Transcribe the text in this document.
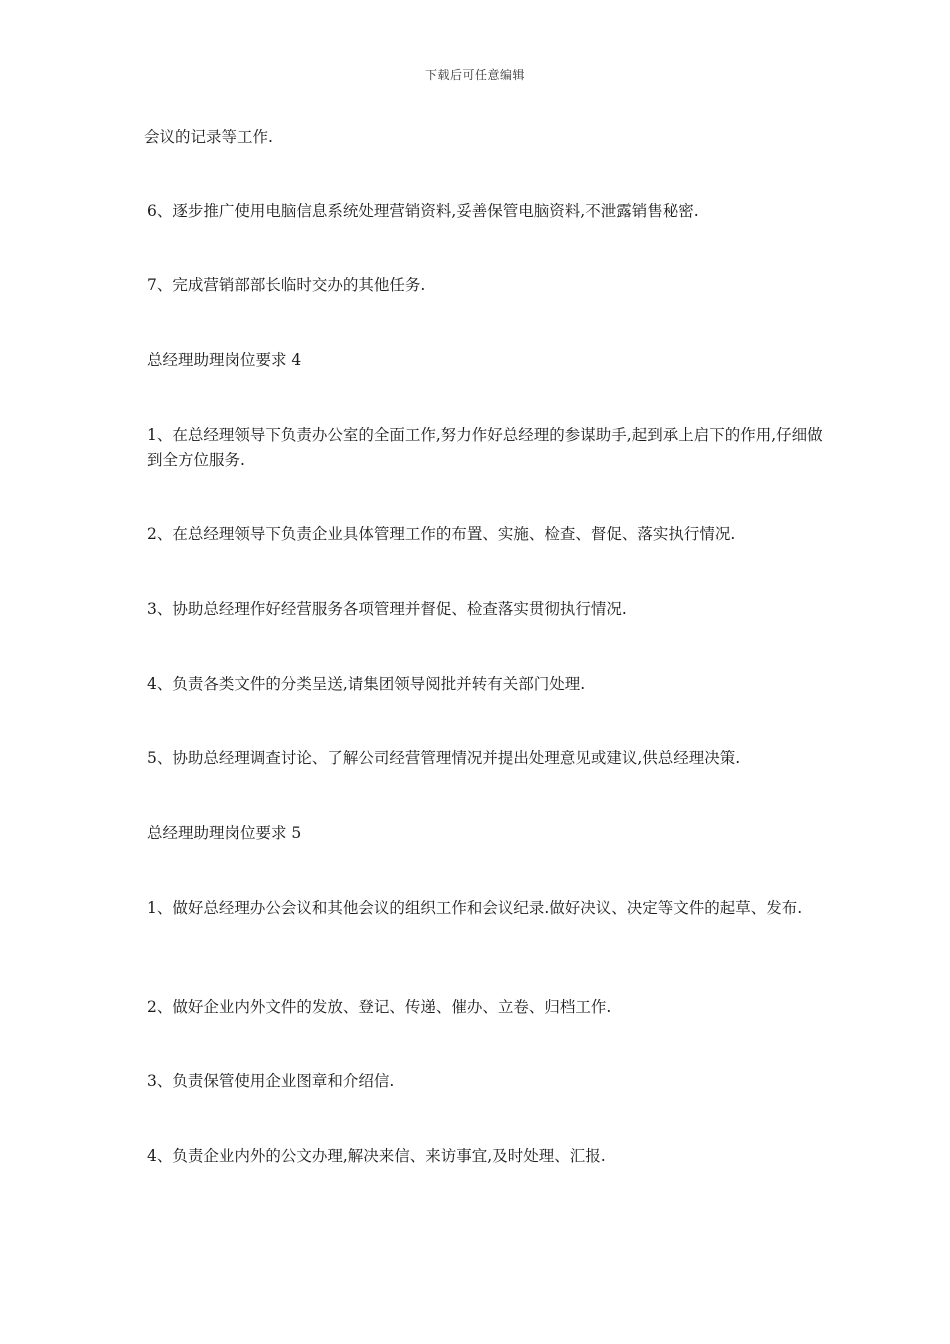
下载后可任意编辑
会议的记录等工作.
6、逐步推广使用电脑信息系统处理营销资料,妥善保管电脑资料,不泄露销售秘密.
7、完成营销部部长临时交办的其他任务.
总经理助理岗位要求 4
1、在总经理领导下负责办公室的全面工作,努力作好总经理的参谋助手,起到承上启下的作用,仔细做到全方位服务.
2、在总经理领导下负责企业具体管理工作的布置、实施、检查、督促、落实执行情况.
3、协助总经理作好经营服务各项管理并督促、检查落实贯彻执行情况.
4、负责各类文件的分类呈送,请集团领导阅批并转有关部门处理.
5、协助总经理调查讨论、了解公司经营管理情况并提出处理意见或建议,供总经理决策.
总经理助理岗位要求 5
1、做好总经理办公会议和其他会议的组织工作和会议纪录.做好决议、决定等文件的起草、发布.
2、做好企业内外文件的发放、登记、传递、催办、立卷、归档工作.
3、负责保管使用企业图章和介绍信.
4、负责企业内外的公文办理,解决来信、来访事宜,及时处理、汇报.
